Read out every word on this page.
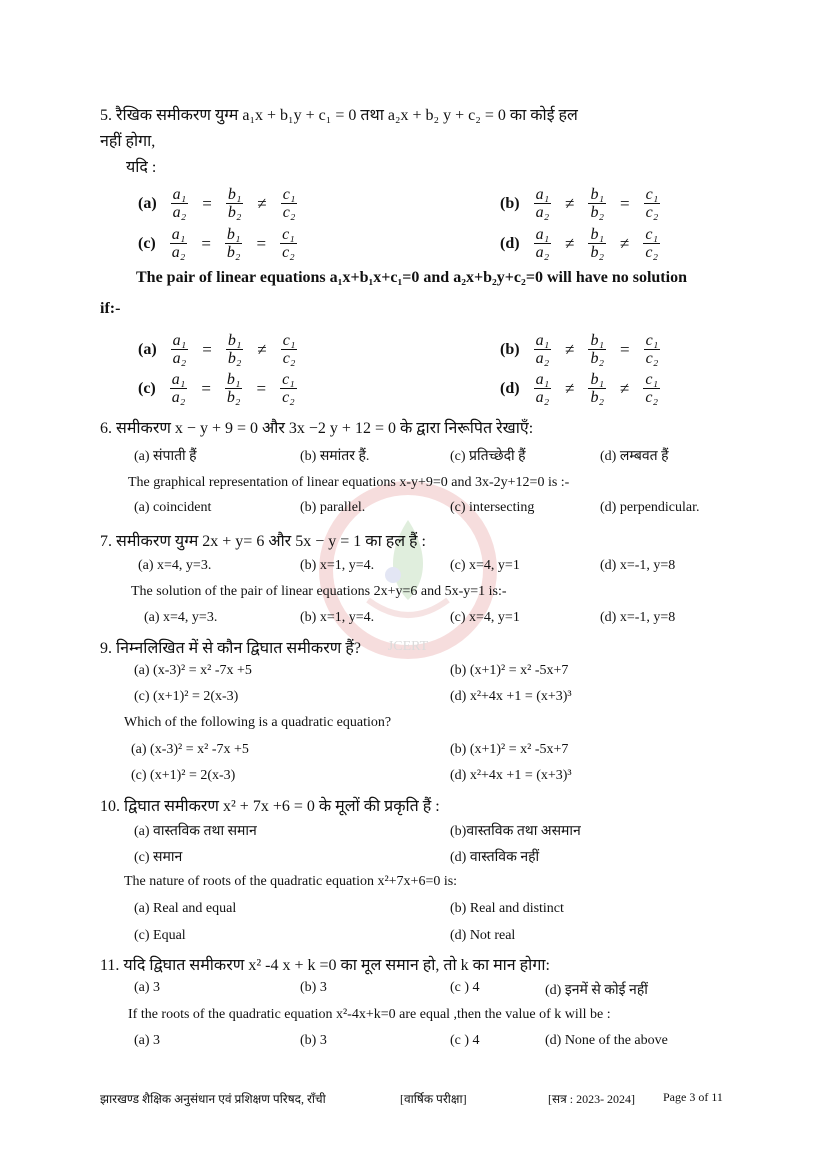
JCERT
5. रैखिक समीकरण युग्म a₁x + b₁y + c₁ = 0 तथा a₂x + b₂ y + c₂ = 0 का कोई हल
नहीं होगा,
यदि :
$(a) \frac{\text{a₁}}{\text{a₂}} = \frac{\text{b₁}}{\text{b₂}} \ne \frac{\text{c₁}}{\text{c₂}}$	$(b) \frac{\text{a₁}}{\text{a₂}} \ne \frac{\text{b₁}}{\text{b₂}} = \frac{\text{c₁}}{\text{c₂}}$
$(c) \frac{\text{a₁}}{\text{a₂}} = \frac{\text{b₁}}{\text{b₂}} = \frac{\text{c₁}}{\text{c₂}}$	$(d) \frac{\text{a₁}}{\text{a₂}} \ne \frac{\text{b₁}}{\text{b₂}} \ne \frac{\text{c₁}}{\text{c₂}}$
The pair of linear equations a₁x+b₁x+c₁=0 and a₂x+b₂y+c₂=0 will have no solution
if:-
$(a) \frac{\text{a₁}}{\text{a₂}} = \frac{\text{b₁}}{\text{b₂}} \ne \frac{\text{c₁}}{\text{c₂}}$	$(b) \frac{\text{a₁}}{\text{a₂}} \ne \frac{\text{b₁}}{\text{b₂}} = \frac{\text{c₁}}{\text{c₂}}$
$(c) \frac{\text{a₁}}{\text{a₂}} = \frac{\text{b₁}}{\text{b₂}} = \frac{\text{c₁}}{\text{c₂}}$	$(d) \frac{\text{a₁}}{\text{a₂}} \ne \frac{\text{b₁}}{\text{b₂}} \ne \frac{\text{c₁}}{\text{c₂}}$
6. समीकरण x − y + 9 = 0 और 3x −2 y + 12 = 0 के द्वारा निरूपित रेखाएँ:
(a) संपाती हैं	(b) समांतर हैं.	(c) प्रतिच्छेदी हैं	(d) लम्बवत हैं
The graphical representation of linear equations x-y+9=0 and 3x-2y+12=0 is :-
(a) coincident	(b) parallel.	(c) intersecting	(d) perpendicular.
7. समीकरण युग्म 2x + y= 6 और 5x − y = 1 का हल हैं :
(a) x=4, y=3.	(b) x=1, y=4.	(c) x=4, y=1	(d) x=-1, y=8
The solution of the pair of linear equations 2x+y=6 and 5x-y=1 is:-
(a) x=4, y=3.	(b) x=1, y=4.	(c) x=4, y=1	(d) x=-1, y=8
9. निम्नलिखित में से कौन द्विघात समीकरण हैं?
(a) (x-3)² = x² -7x +5	(b) (x+1)² = x² -5x+7
(c) (x+1)² = 2(x-3)	(d) x²+4x +1 = (x+3)³
Which of the following is a quadratic equation?
(a) (x-3)² = x² -7x +5	(b) (x+1)² = x² -5x+7
(c) (x+1)² = 2(x-3)	(d) x²+4x +1 = (x+3)³
10. द्विघात समीकरण x² + 7x +6 = 0 के मूलों की प्रकृति हैं :
(a) वास्तविक तथा समान	(b)वास्तविक तथा असमान
(c) समान	(d) वास्तविक नहीं
The nature of roots of the quadratic equation x²+7x+6=0 is:
(a) Real and equal	(b) Real and distinct
(c) Equal	(d) Not real
11. यदि द्विघात समीकरण x² -4 x + k =0 का मूल समान हो, तो k का मान होगा:
(a) 3	(b) 3	(c ) 4	(d) इनमें से कोई नहीं
If the roots of the quadratic equation x²-4x+k=0 are equal ,then the value of k will be :
(a) 3	(b) 3	(c ) 4	(d) None of the above
झारखण्ड शैक्षिक अनुसंधान एवं प्रशिक्षण परिषद, राँची	[वार्षिक परीक्षा]	[सत्र : 2023- 2024] Page 3 of 11
